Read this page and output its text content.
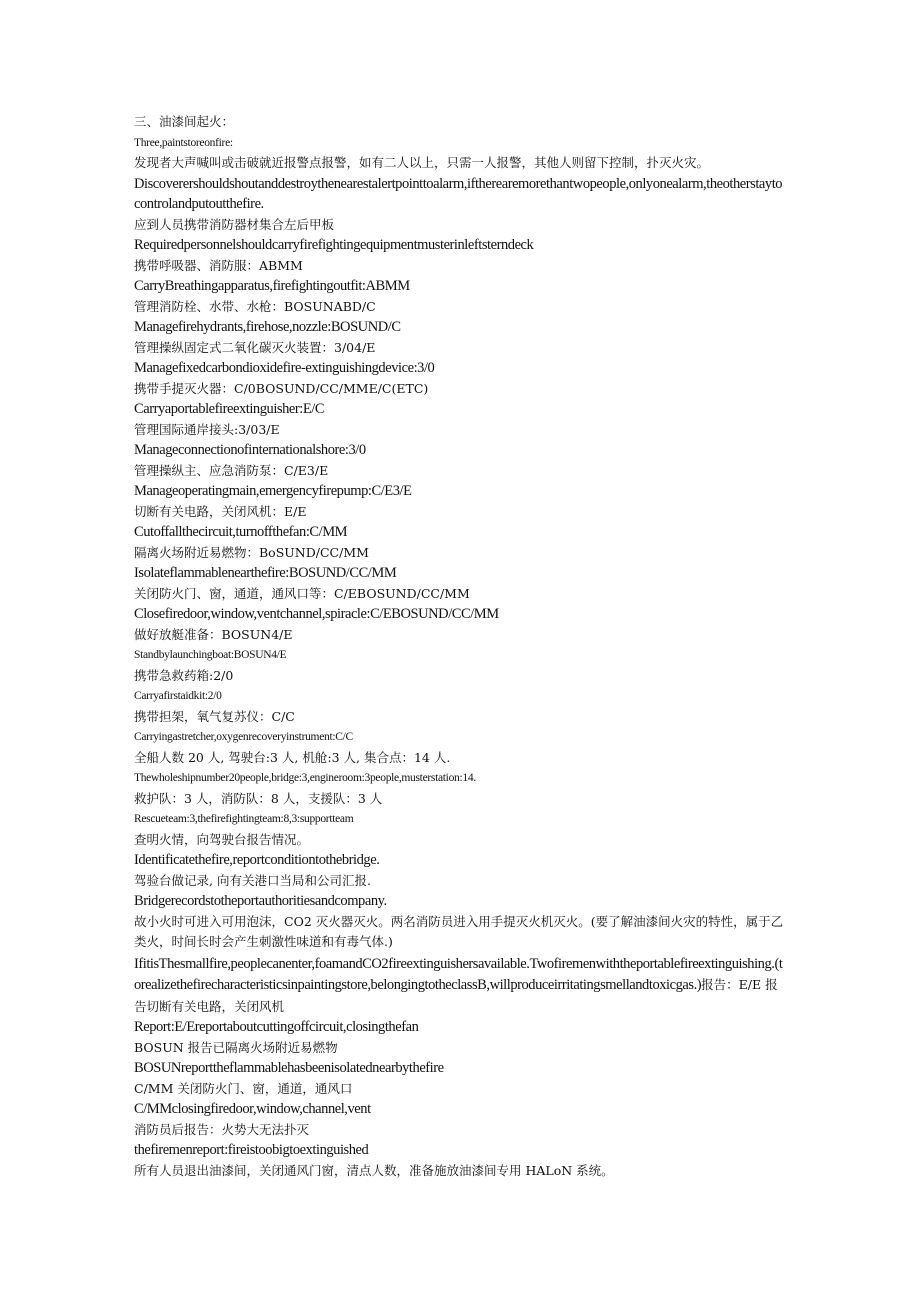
三、油漆间起火：
Three,paintstoreonfire:
发现者大声喊叫或击破就近报警点报警，如有二人以上，只需一人报警，其他人则留下控制，扑灭火灾。
Discoverershouldshoutanddestroythenearestalertpointtoalarm,iftherearemorethantwopeople,onlyonealarm,theotherstaytocontrolandputoutthefire.
应到人员携带消防器材集合左后甲板
Requiredpersonnelshouldcarryfirefightingequipmentmusterinleftsterndeck
携带呼吸器、消防服：ABMM
CarryBreathingapparatus,firefightingoutfit:ABMM
管理消防栓、水带、水枪：BOSUNABD/C
Managefirehydrants,firehose,nozzle:BOSUND/C
管理操纵固定式二氧化碳灭火装置：3/04/E
Managefixedcarbondioxidefire-extinguishingdevice:3/0
携带手提灭火器：C/0BOSUND/CC/MME/C(ETC)
Carryaportablefireextinguisher:E/C
管理国际通岸接头:3/03/E
Manageconnectionofinternationalshore:3/0
管理操纵主、应急消防泵：C/E3/E
Manageoperatingmain,emergencyfirepump:C/E3/E
切断有关电路，关闭风机：E/E
Cutoffallthecircuit,turnoffthefan:C/MM
隔离火场附近易燃物：BoSUND/CC/MM
Isolateflammablenearthefire:BOSUND/CC/MM
关闭防火门、窗，通道，通风口等：C/EBOSUND/CC/MM
Closefiredoor,window,ventchannel,spiracle:C/EBOSUND/CC/MM
做好放艇准备：BOSUN4/E
Standbylaunchingboat:BOSUN4/E
携带急救药箱:2/0
Carryafirstaidkit:2/0
携带担架，氧气复苏仪：C/C
Carryingastretcher,oxygenrecoveryinstrument:C/C
全船人数 20 人, 驾驶台:3 人, 机舱:3 人, 集合点：14 人.
Thewholeshipnumber20people,bridge:3,engineroom:3people,musterstation:14.
救护队：3 人，消防队：8 人，支援队：3 人
Rescueteam:3,thefirefightingteam:8,3:supportteam
查明火情，向驾驶台报告情况。
Identificatethefire,reportconditiontothebridge.
驾验台做记录, 向有关港口当局和公司汇报.
Bridgerecordstotheportauthoritiesandcompany.
故小火时可进入可用泡沫，CO2 灭火器灭火。两名消防员进入用手提灭火机灭火。(要了解油漆间火灾的特性，属于乙类火，时间长时会产生刺激性味道和有毒气体.)
IfitisThesmallfire,peoplecanenter,foamandCO2fireextinguishersavailable.Twofiremenwiththeportablefireextinguishing.(torealizethefirecharacteristicsinpaintingstore,belongingtotheclassB,willproduceirritatingsmellandtoxicgas.)报告：E/E 报告切断有关电路，关闭风机
Report:E/Ereportaboutcuttingoffcircuit,closingthefan
BOSUN 报告已隔离火场附近易燃物
BOSUNreporttheflammablehasbeenisolatednearbythefire
C/MM 关闭防火门、窗，通道，通风口
C/MMclosingfiredoor,window,channel,vent
消防员后报告：火势大无法扑灭
thefiremenreport:fireistoobigtoextinguished
所有人员退出油漆间，关闭通风门窗，清点人数，准备施放油漆间专用 HALoN 系统。
